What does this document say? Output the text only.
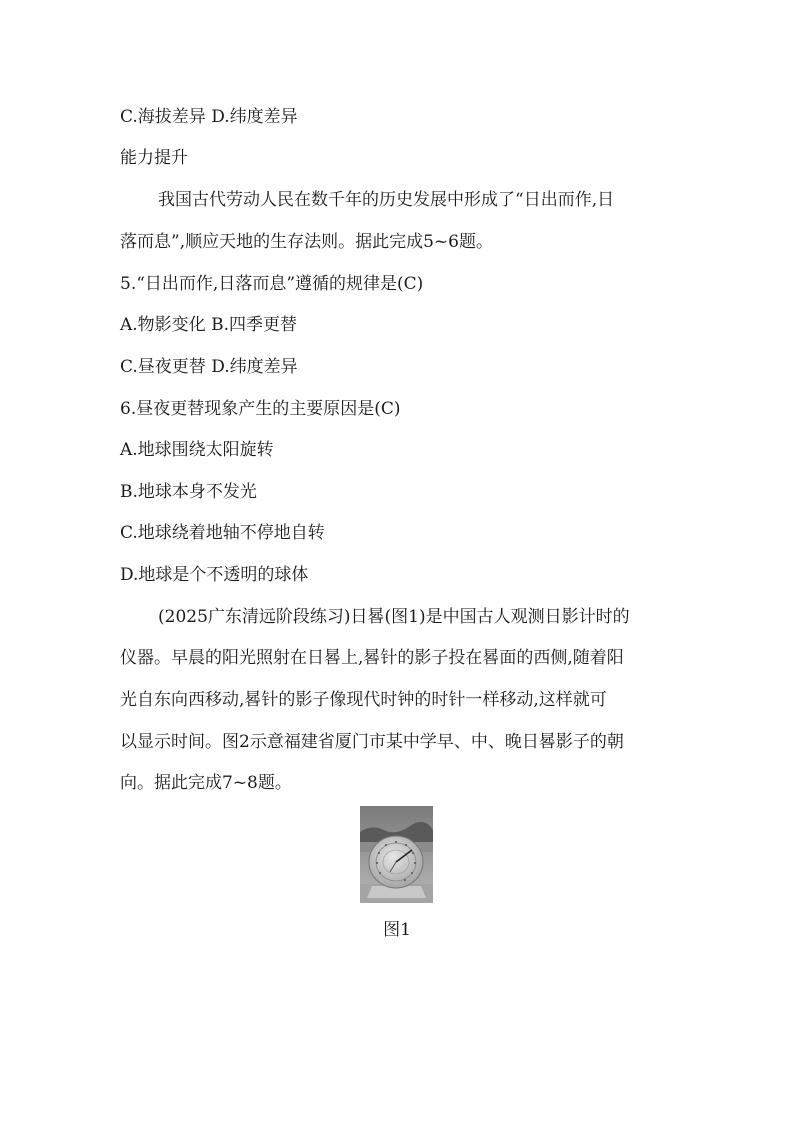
C.海拔差异 D.纬度差异
能力提升
我国古代劳动人民在数千年的历史发展中形成了“日出而作,日
落而息”,顺应天地的生存法则。据此完成5~6题。
5.“日出而作,日落而息”遵循的规律是(C)
A.物影变化 B.四季更替
C.昼夜更替 D.纬度差异
6.昼夜更替现象产生的主要原因是(C)
A.地球围绕太阳旋转
B.地球本身不发光
C.地球绕着地轴不停地自转
D.地球是个不透明的球体
(2025广东清远阶段练习)日晷(图1)是中国古人观测日影计时的
仪器。早晨的阳光照射在日晷上,晷针的影子投在晷面的西侧,随着阳
光自东向西移动,晷针的影子像现代时钟的时针一样移动,这样就可
以显示时间。图2示意福建省厦门市某中学早、中、晚日晷影子的朝
向。据此完成7~8题。
图1
